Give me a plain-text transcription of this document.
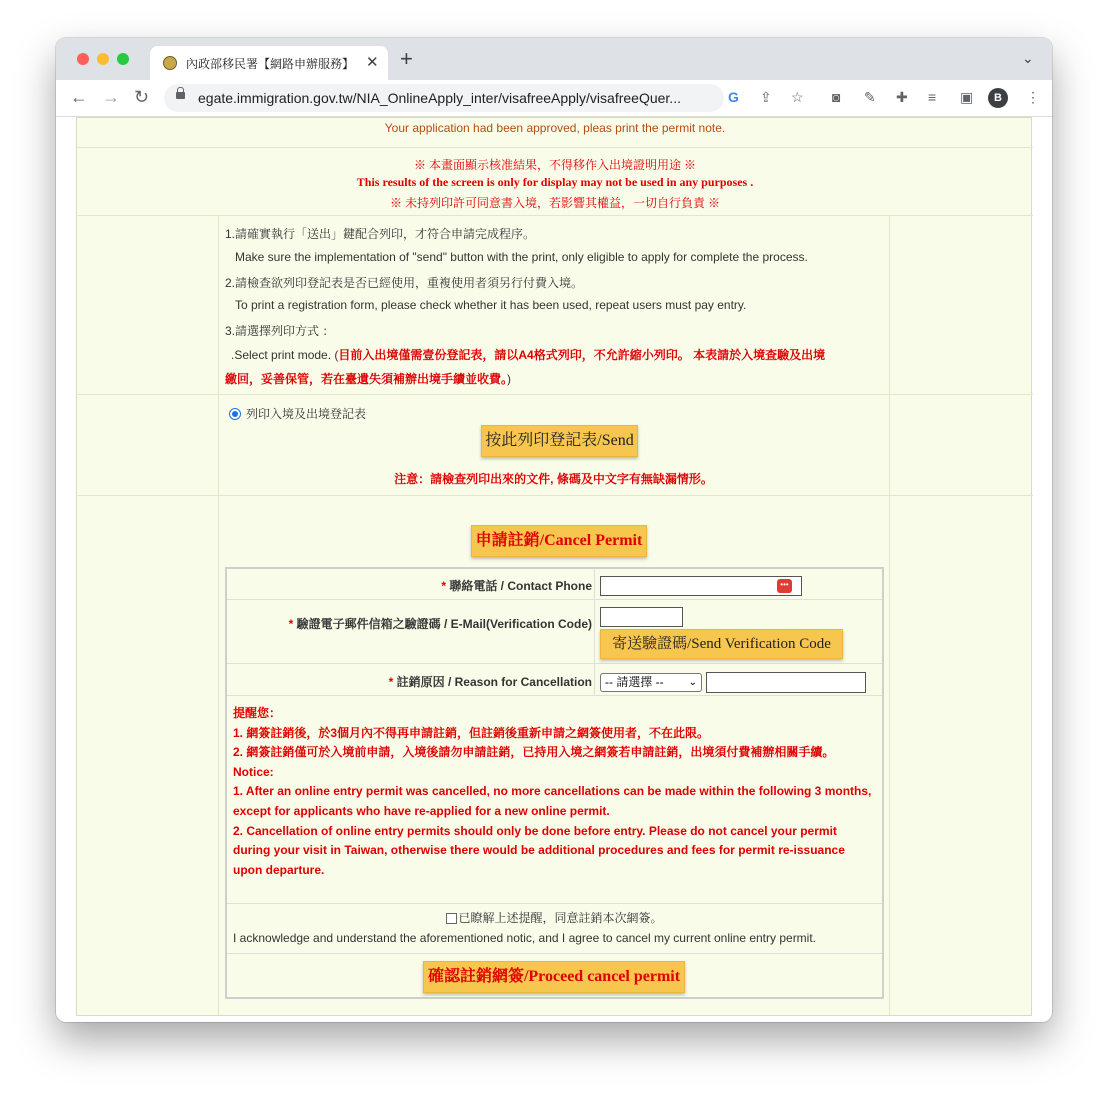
內政部移民署【網路申辦服務】 ✕ +	⌄
← → ↻	egate.immigration.gov.tw/NIA_OnlineApply_inter/visafreeApply/visafreeQuer...	G ⇪ ☆ ◙ ✎ ✚ ≡ ▣	B	⋮
Your application had been approved, pleas print the permit note.
※ 本畫面顯示核准結果，不得移作入出境證明用途 ※
This results of the screen is only for display may not be used in any purposes .
※ 未持列印許可同意書入境，若影響其權益，一切自行負責 ※
1.請確實執行「送出」鍵配合列印，才符合申請完成程序。
Make sure the implementation of "send" button with the print, only eligible to apply for complete the process.
2.請檢查欲列印登記表是否已經使用，重複使用者須另行付費入境。
To print a registration form, please check whether it has been used, repeat users must pay entry.
3.請選擇列印方式 ：
.Select print mode. (目前入出境僅需壹份登記表，請以A4格式列印，不允許縮小列印。 本表請於入境查驗及出境
繳回，妥善保管，若在臺遺失須補辦出境手續並收費。)
列印入境及出境登記表
按此列印登記表/Send
注意：請檢查列印出來的文件, 條碼及中文字有無缺漏情形。
申請註銷/Cancel Permit
* 聯絡電話 / Contact Phone	•••
* 驗證電子郵件信箱之驗證碼 / E-Mail(Verification Code)
寄送驗證碼/Send Verification Code
* 註銷原因 / Reason for Cancellation	-- 請選擇 -- ⌄
提醒您：
1. 網簽註銷後，於3個月內不得再申請註銷，但註銷後重新申請之網簽使用者，不在此限。
2. 網簽註銷僅可於入境前申請，入境後請勿申請註銷，已持用入境之網簽若申請註銷，出境須付費補辦相關手續。
Notice:
1. After an online entry permit was cancelled, no more cancellations can be made within the following 3 months, except for applicants who have re-applied for a new online permit.
2. Cancellation of online entry permits should only be done before entry. Please do not cancel your permit during your visit in Taiwan, otherwise there would be additional procedures and fees for permit re-issuance upon departure.
已瞭解上述提醒，同意註銷本次網簽。
I acknowledge and understand the aforementioned notic, and I agree to cancel my current online entry permit.
確認註銷網簽/Proceed cancel permit
